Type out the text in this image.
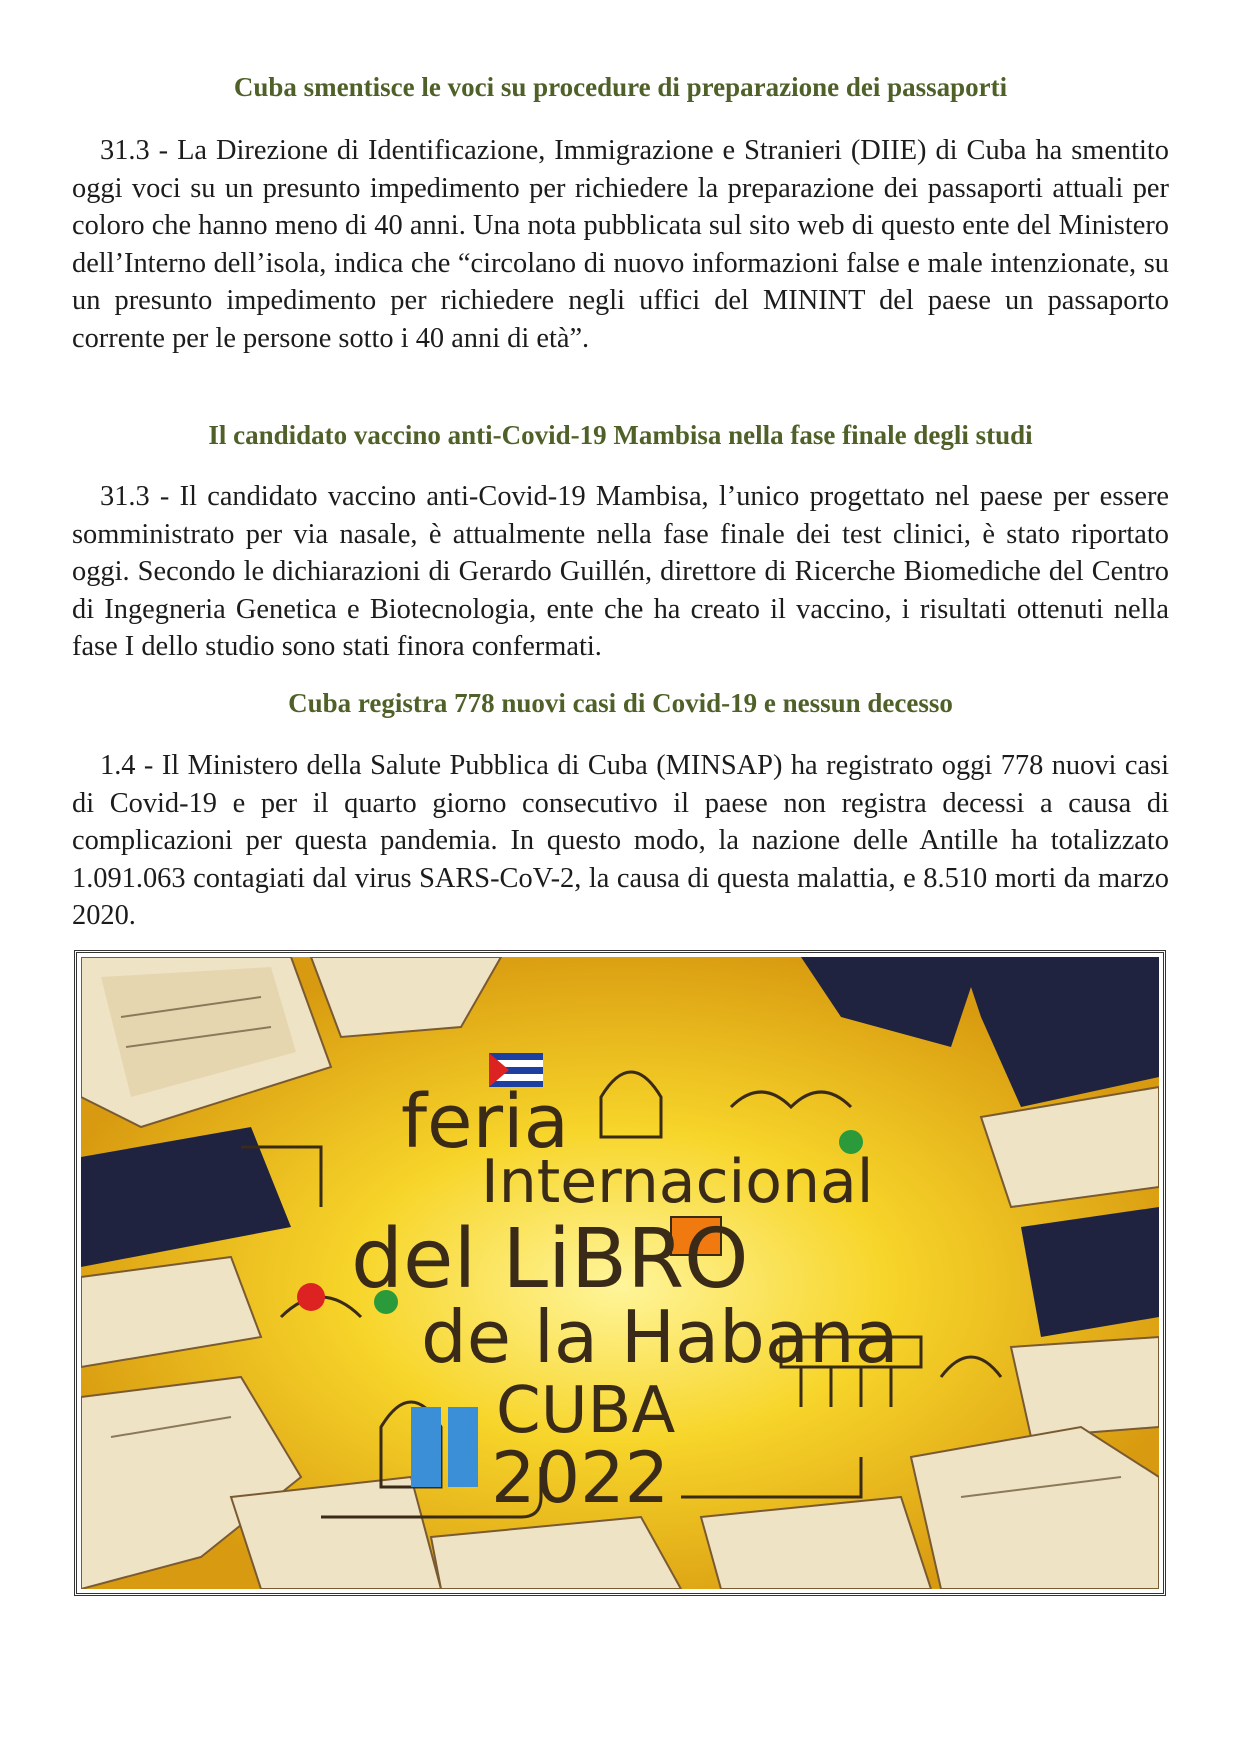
Cuba smentisce le voci su procedure di preparazione dei passaporti

31.3 - La Direzione di Identificazione, Immigrazione e Stranieri (DIIE) di Cuba ha smentito oggi voci su un presunto impedimento per richiedere la preparazione dei passaporti attuali per coloro che hanno meno di 40 anni. Una nota pubblicata sul sito web di questo ente del Ministero dell’Interno dell’isola, indica che “circolano di nuovo informazioni false e male intenzionate, su un presunto impedimento per richiedere negli uffici del MININT del paese un passaporto corrente per le persone sotto i 40 anni di età”.

Il candidato vaccino anti-Covid-19 Mambisa nella fase finale degli studi

31.3 - Il candidato vaccino anti-Covid-19 Mambisa, l’unico progettato nel paese per essere somministrato per via nasale, è attualmente nella fase finale dei test clinici, è stato riportato oggi. Secondo le dichiarazioni di Gerardo Guillén, direttore di Ricerche Biomediche del Centro di Ingegneria Genetica e Biotecnologia, ente che ha creato il vaccino, i risultati ottenuti nella fase I dello studio sono stati finora confermati.

Cuba registra 778 nuovi casi di Covid-19 e nessun decesso

1.4 - Il Ministero della Salute Pubblica di Cuba (MINSAP) ha registrato oggi 778 nuovi casi di Covid-19 e per il quarto giorno consecutivo il paese non registra decessi a causa di complicazioni per questa pandemia. In questo modo, la nazione delle Antille ha totalizzato 1.091.063 contagiati dal virus SARS-CoV-2, la causa di questa malattia, e 8.510 morti da marzo 2020.

feria
Internacional
del LiBRO
de la Habana
CUBA
2022
